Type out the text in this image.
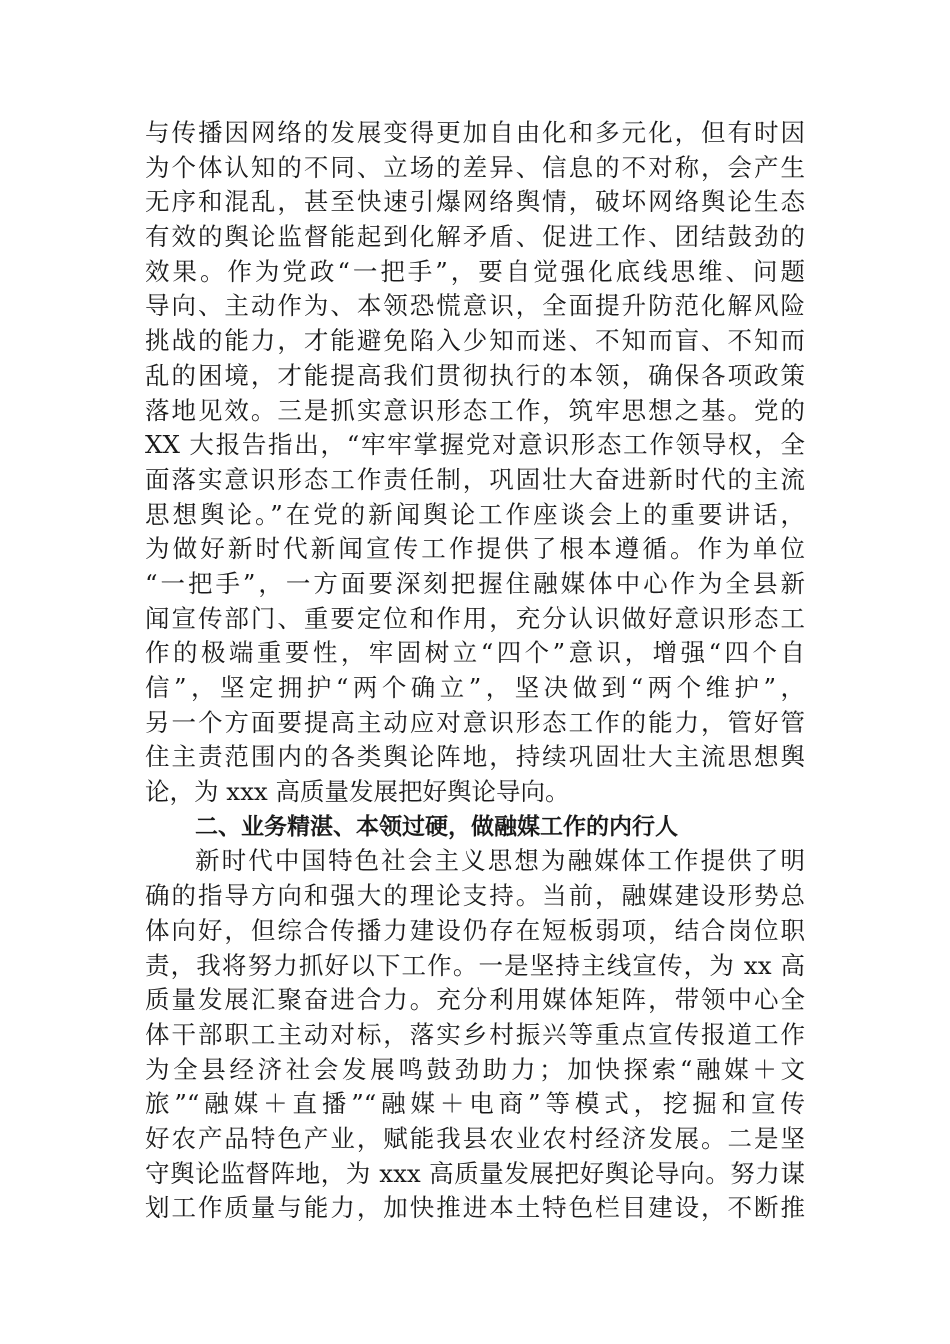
与传播因网络的发展变得更加自由化和多元化，但有时因
为个体认知的不同、立场的差异、信息的不对称，会产生
无序和混乱，甚至快速引爆网络舆情，破坏网络舆论生态
有效的舆论监督能起到化解矛盾、促进工作、团结鼓劲的
效果。作为党政“一把手”，要自觉强化底线思维、问题
导向、主动作为、本领恐慌意识，全面提升防范化解风险
挑战的能力，才能避免陷入少知而迷、不知而盲、不知而
乱的困境，才能提高我们贯彻执行的本领，确保各项政策
落地见效。三是抓实意识形态工作，筑牢思想之基。党的
XX 大报告指出，“牢牢掌握党对意识形态工作领导权，全
面落实意识形态工作责任制，巩固壮大奋进新时代的主流
思想舆论。”在党的新闻舆论工作座谈会上的重要讲话，
为做好新时代新闻宣传工作提供了根本遵循。作为单位
“一把手”，一方面要深刻把握住融媒体中心作为全县新
闻宣传部门、重要定位和作用，充分认识做好意识形态工
作的极端重要性，牢固树立“四个”意识，增强“四个自
信”，坚定拥护“两个确立”，坚决做到“两个维护”，
另一个方面要提高主动应对意识形态工作的能力，管好管
住主责范围内的各类舆论阵地，持续巩固壮大主流思想舆
论，为 xxx 高质量发展把好舆论导向。
二、业务精湛、本领过硬，做融媒工作的内行人
新时代中国特色社会主义思想为融媒体工作提供了明
确的指导方向和强大的理论支持。当前，融媒建设形势总
体向好，但综合传播力建设仍存在短板弱项，结合岗位职
责，我将努力抓好以下工作。一是坚持主线宣传，为 xx 高
质量发展汇聚奋进合力。充分利用媒体矩阵，带领中心全
体干部职工主动对标，落实乡村振兴等重点宣传报道工作
为全县经济社会发展鸣鼓劲助力；加快探索“融媒＋文
旅”“融媒＋直播”“融媒＋电商”等模式，挖掘和宣传
好农产品特色产业，赋能我县农业农村经济发展。二是坚
守舆论监督阵地，为 xxx 高质量发展把好舆论导向。努力谋
划工作质量与能力，加快推进本土特色栏目建设，不断推
